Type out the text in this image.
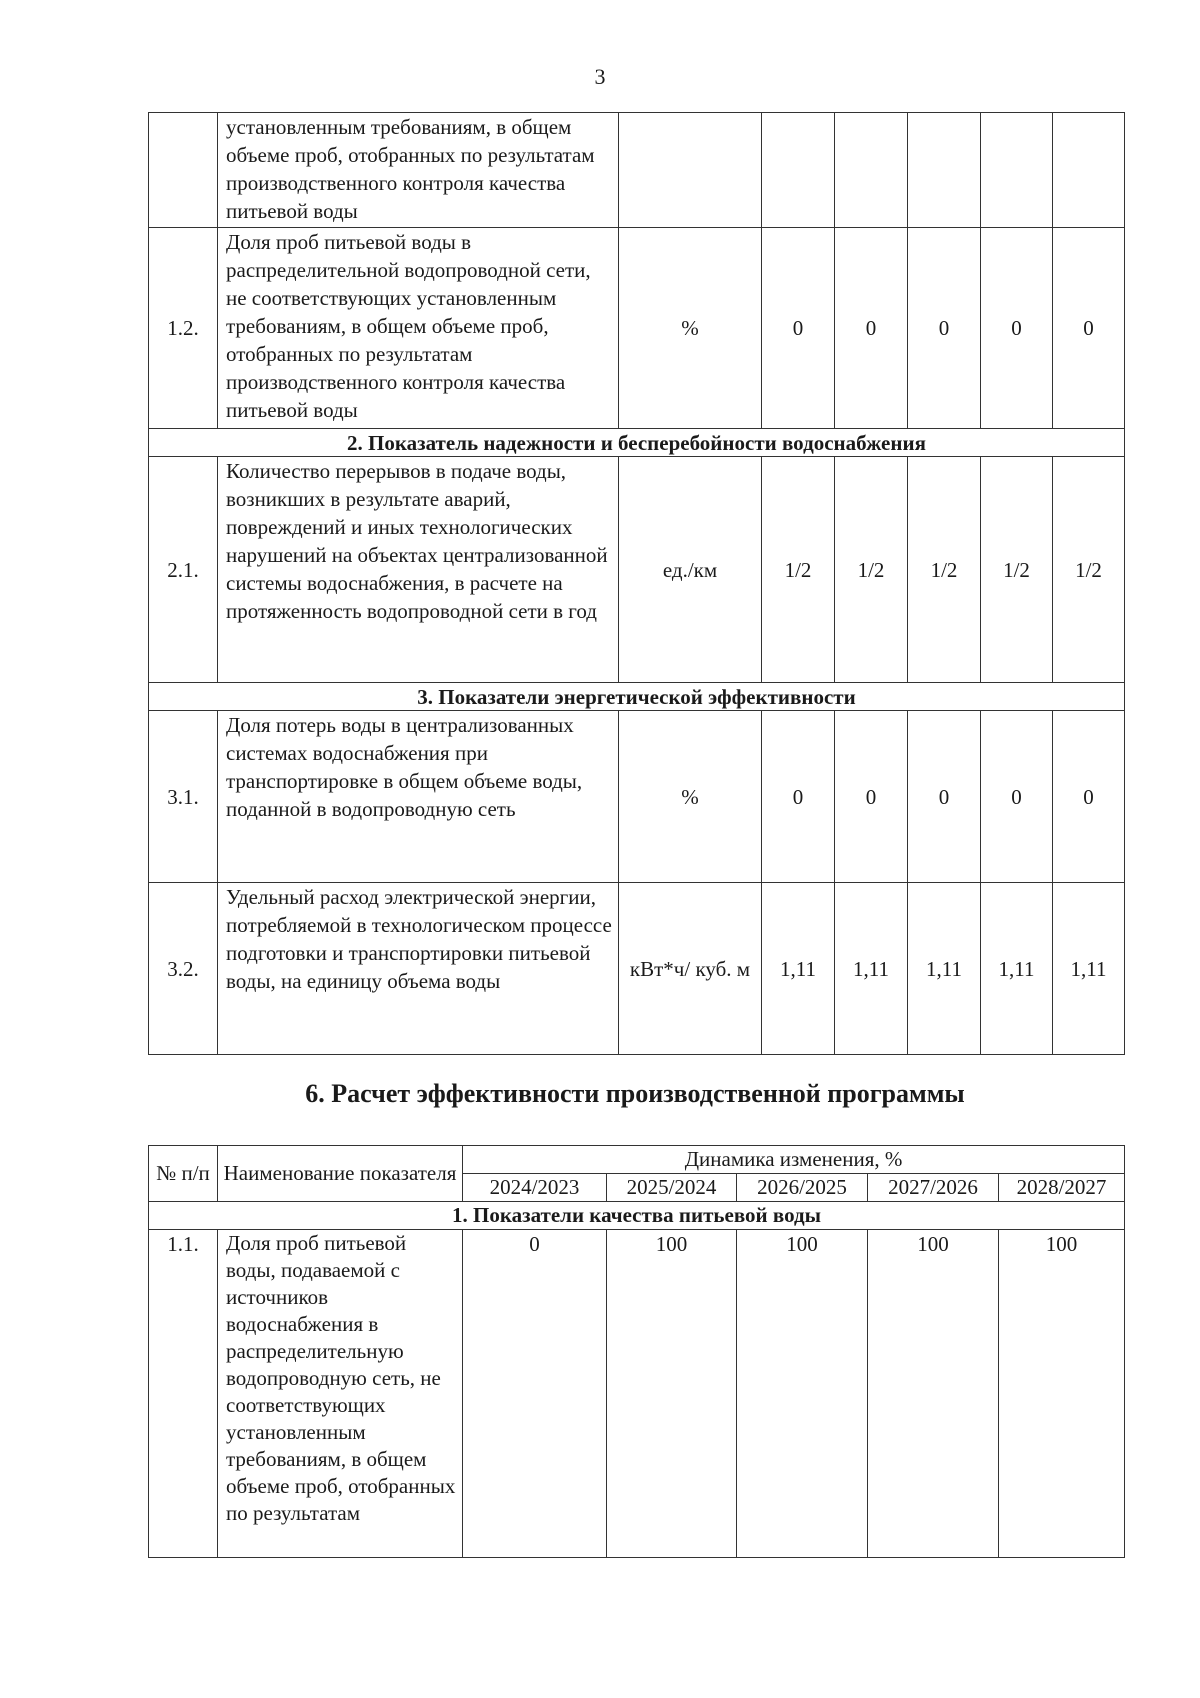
3
	установленным требованиям, в общем объеме проб, отобранных по результатам производственного контроля качества питьевой воды						
1.2.	Доля проб питьевой воды в распределительной водопроводной сети, не соответствующих установленным требованиям, в общем объеме проб, отобранных по результатам производственного контроля качества питьевой воды	%	0	0	0	0	0
2. Показатель надежности и бесперебойности водоснабжения							
2.1.	Количество перерывов в подаче воды, возникших в результате аварий, повреждений и иных технологических нарушений на объектах централизованной системы водоснабжения, в расчете на протяженность водопроводной сети в год	ед./км	1/2	1/2	1/2	1/2	1/2
3. Показатели энергетической эффективности							
3.1.	Доля потерь воды в централизованных системах водоснабжения при транспортировке в общем объеме воды, поданной в водопроводную сеть	%	0	0	0	0	0
3.2.	Удельный расход электрической энергии, потребляемой в технологическом процессе подготовки и транспортировки питьевой воды, на единицу объема воды	кВт*ч/ куб. м	1,11	1,11	1,11	1,11	1,11
6. Расчет эффективности производственной программы
№ п/п	Наименование показателя	Динамика изменения, %				
		2024/2023	2025/2024	2026/2025	2027/2026	2028/2027
1. Показатели качества питьевой воды						
1.1.	Доля проб питьевой воды, подаваемой с источников водоснабжения в распределительную водопроводную сеть, не соответствующих установленным требованиям, в общем объеме проб, отобранных по результатам	0	100	100	100	100
